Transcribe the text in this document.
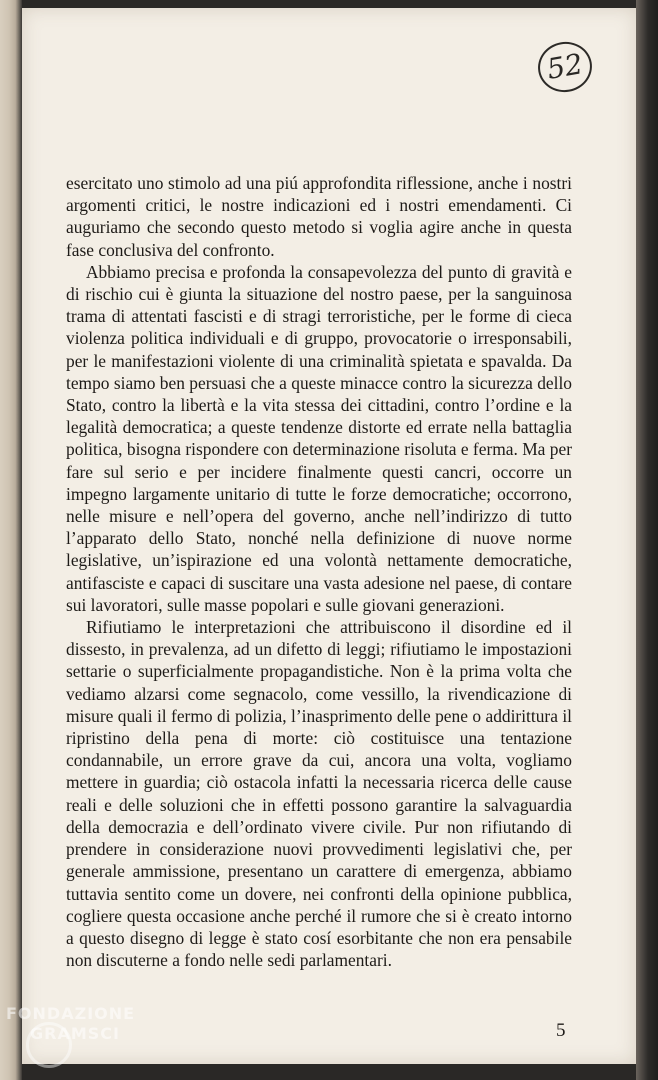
52

esercitato uno stimolo ad una piú approfondita riflessione, anche i nostri argomenti critici, le nostre indicazioni ed i nostri emendamenti. Ci auguriamo che secondo questo metodo si voglia agire anche in questa fase conclusiva del confronto.

Abbiamo precisa e profonda la consapevolezza del punto di gravità e di rischio cui è giunta la situazione del nostro paese, per la sanguinosa trama di attentati fascisti e di stragi terroristiche, per le forme di cieca violenza politica individuali e di gruppo, provocatorie o irresponsabili, per le manifestazioni violente di una criminalità spietata e spavalda. Da tempo siamo ben persuasi che a queste minacce contro la sicurezza dello Stato, contro la libertà e la vita stessa dei cittadini, contro l’ordine e la legalità democratica; a queste tendenze distorte ed errate nella battaglia politica, bisogna rispondere con determinazione risoluta e ferma. Ma per fare sul serio e per incidere finalmente questi cancri, occorre un impegno largamente unitario di tutte le forze democratiche; occorrono, nelle misure e nell’opera del governo, anche nell’indirizzo di tutto l’apparato dello Stato, nonché nella definizione di nuove norme legislative, un’ispirazione ed una volontà nettamente democratiche, antifasciste e capaci di suscitare una vasta adesione nel paese, di contare sui lavoratori, sulle masse popolari e sulle giovani generazioni.

Rifiutiamo le interpretazioni che attribuiscono il disordine ed il dissesto, in prevalenza, ad un difetto di leggi; rifiutiamo le impostazioni settarie o superficialmente propagandistiche. Non è la prima volta che vediamo alzarsi come segnacolo, come vessillo, la rivendicazione di misure quali il fermo di polizia, l’inasprimento delle pene o addirittura il ripristino della pena di morte: ciò costituisce una tentazione condannabile, un errore grave da cui, ancora una volta, vogliamo mettere in guardia; ciò ostacola infatti la necessaria ricerca delle cause reali e delle soluzioni che in effetti possono garantire la salvaguardia della democrazia e dell’ordinato vivere civile. Pur non rifiutando di prendere in considerazione nuovi provvedimenti legislativi che, per generale ammissione, presentano un carattere di emergenza, abbiamo tuttavia sentito come un dovere, nei confronti della opinione pubblica, cogliere questa occasione anche perché il rumore che si è creato intorno a questo disegno di legge è stato cosí esorbitante che non era pensabile non discuterne a fondo nelle sedi parlamentari.

5
FONDAZIONE
GRAMSCI
